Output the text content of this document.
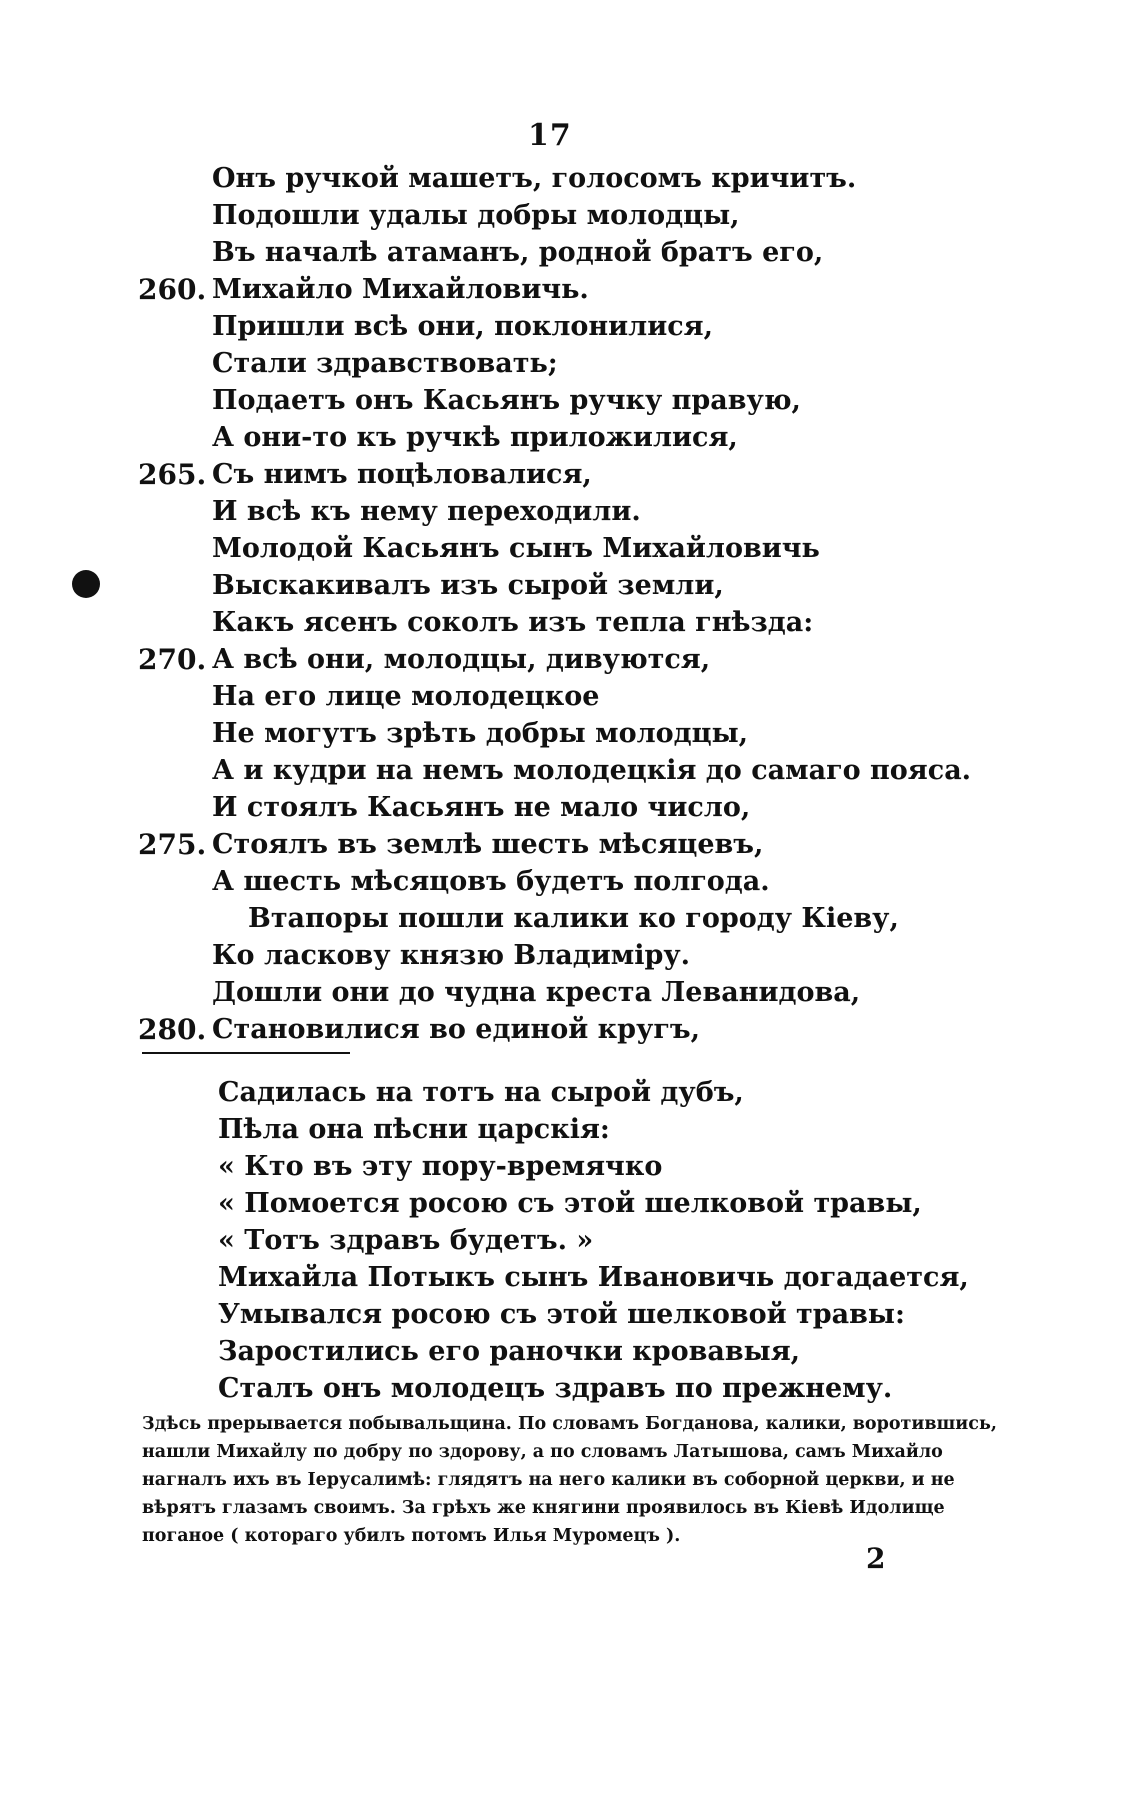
17
Онъ ручкой машетъ, голосомъ кричитъ.
Подошли удалы добры молодцы,
Въ началѣ атаманъ, родной братъ его,
260. Михайло Михайловичь.
Пришли всѣ они, поклонилися,
Стали здравствовать;
Подаетъ онъ Касьянъ ручку правую,
А они-то къ ручкѣ приложилися,
265. Съ нимъ поцѣловалися,
И всѣ къ нему переходили.
Молодой Касьянъ сынъ Михайловичь
Выскакивалъ изъ сырой земли,
Какъ ясенъ соколъ изъ тепла гнѣзда:
270. А всѣ они, молодцы, дивуются,
На его лице молодецкое
Не могутъ зрѣть добры молодцы,
А и кудри на немъ молодецкія до самаго пояса.
И стоялъ Касьянъ не мало число,
275. Стоялъ въ землѣ шесть мѣсяцевъ,
А шесть мѣсяцовъ будетъ полгода.
Втапоры пошли калики ко городу Кіеву,
Ко ласкову князю Владиміру.
Дошли они до чудна креста Леванидова,
280. Становилися во единой кругъ,
Садилась на тотъ на сырой дубъ,
Пѣла она пѣсни царскія:
« Кто въ эту пору-времячко
« Помоется росою съ этой шелковой травы,
« Тотъ здравъ будетъ. »
Михайла Потыкъ сынъ Ивановичь догадается,
Умывался росою съ этой шелковой травы:
Заростились его раночки кровавыя,
Сталъ онъ молодецъ здравъ по прежнему.
Здѣсь прерывается побывальщина. По словамъ Богданова, калики, воротившись,
нашли Михайлу по добру по здорову, а по словамъ Латышова, самъ Михайло
нагналъ ихъ въ Іерусалимѣ: глядятъ на него калики въ соборной церкви, и не
вѣрятъ глазамъ своимъ. За грѣхъ же княгини проявилось въ Кіевѣ Идолище
поганое ( котораго убилъ потомъ Илья Муромецъ ).
2
